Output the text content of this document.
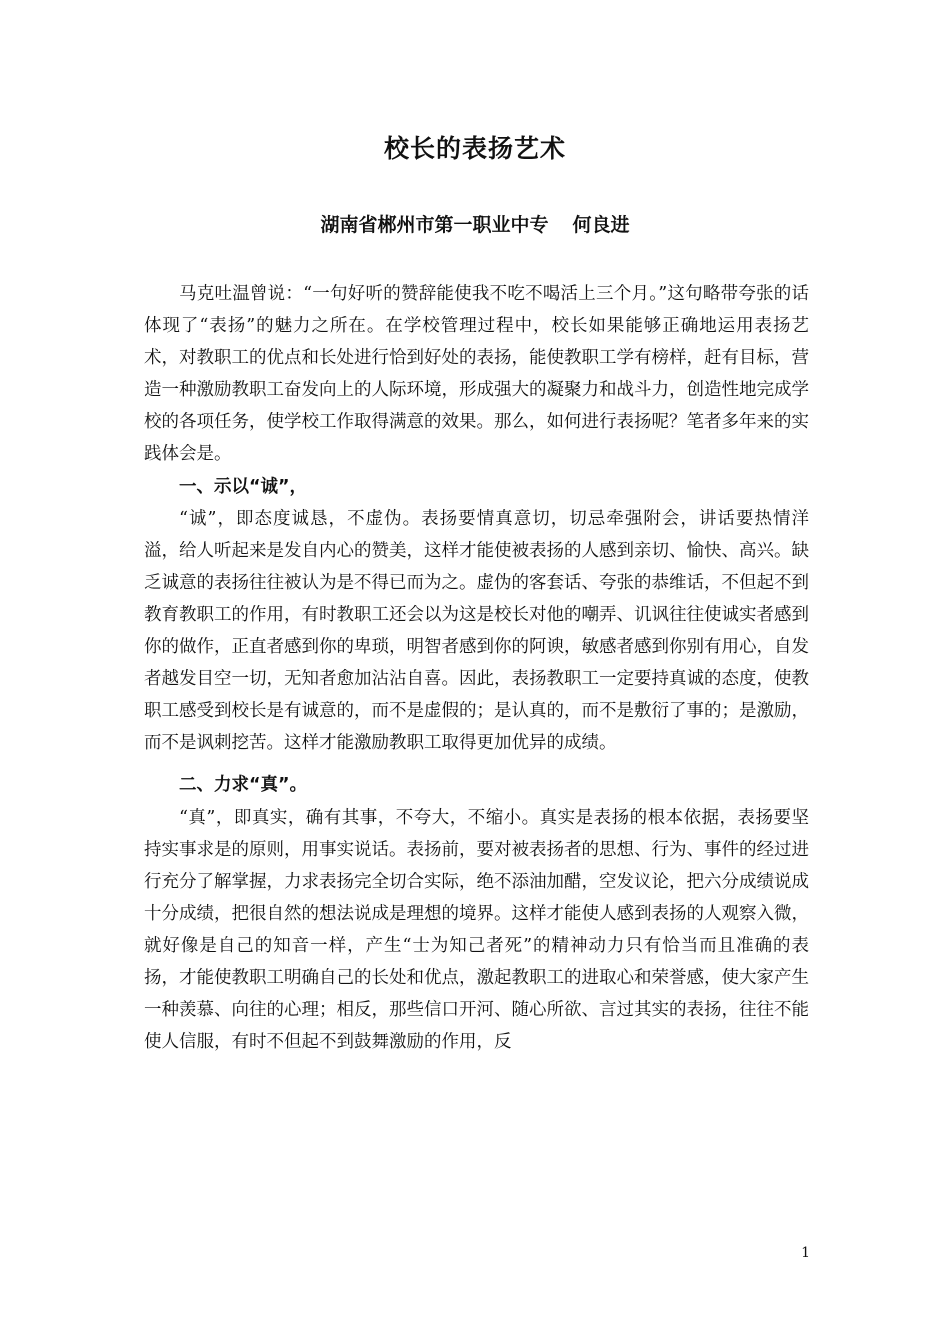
校长的表扬艺术
湖南省郴州市第一职业中专 何良进

马克吐温曾说：“一句好听的赞辞能使我不吃不喝活上三个月。”这句略带夸张的话体现了“表扬”的魅力之所在。在学校管理过程中，校长如果能够正确地运用表扬艺术，对教职工的优点和长处进行恰到好处的表扬，能使教职工学有榜样，赶有目标，营造一种激励教职工奋发向上的人际环境，形成强大的凝聚力和战斗力，创造性地完成学校的各项任务，使学校工作取得满意的效果。那么，如何进行表扬呢？笔者多年来的实践体会是。

一、示以“诚”，

“诚”，即态度诚恳，不虚伪。表扬要情真意切，切忌牵强附会，讲话要热情洋溢，给人听起来是发自内心的赞美，这样才能使被表扬的人感到亲切、愉快、高兴。缺乏诚意的表扬往往被认为是不得已而为之。虚伪的客套话、夸张的恭维话，不但起不到教育教职工的作用，有时教职工还会以为这是校长对他的嘲弄、讥讽往往使诚实者感到你的做作，正直者感到你的卑琐，明智者感到你的阿谀，敏感者感到你别有用心，自发者越发目空一切，无知者愈加沾沾自喜。因此，表扬教职工一定要持真诚的态度，使教职工感受到校长是有诚意的，而不是虚假的；是认真的，而不是敷衍了事的；是激励，而不是讽刺挖苦。这样才能激励教职工取得更加优异的成绩。

二、力求“真”。

“真”，即真实，确有其事，不夸大，不缩小。真实是表扬的根本依据，表扬要坚持实事求是的原则，用事实说话。表扬前，要对被表扬者的思想、行为、事件的经过进行充分了解掌握，力求表扬完全切合实际，绝不添油加醋，空发议论，把六分成绩说成十分成绩，把很自然的想法说成是理想的境界。这样才能使人感到表扬的人观察入微，就好像是自己的知音一样，产生“士为知己者死”的精神动力只有恰当而且准确的表扬，才能使教职工明确自己的长处和优点，激起教职工的进取心和荣誉感，使大家产生一种羡慕、向往的心理；相反，那些信口开河、随心所欲、言过其实的表扬，往往不能使人信服，有时不但起不到鼓舞激励的作用，反

1
